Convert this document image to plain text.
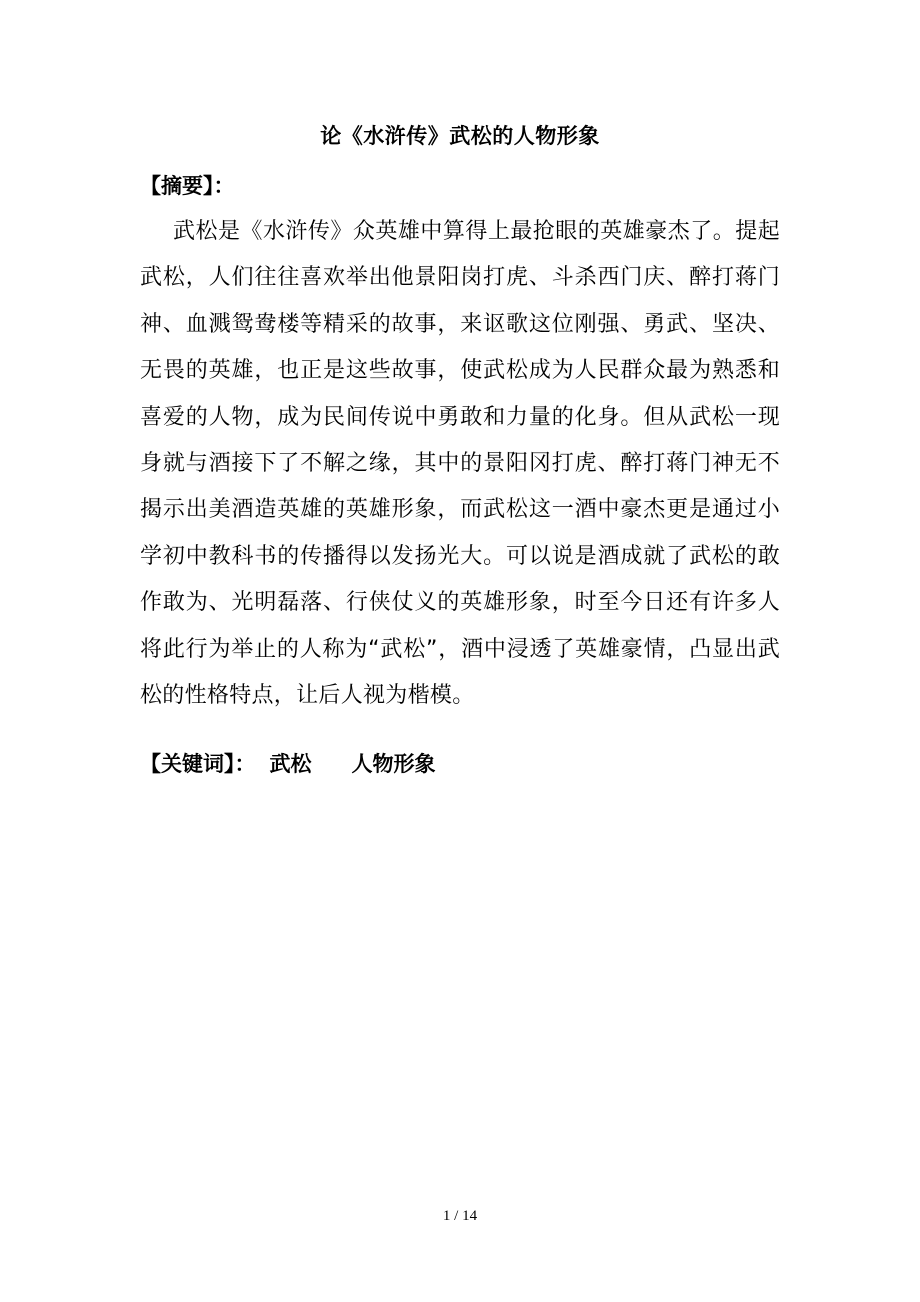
论《水浒传》武松的人物形象
【摘要】：
武松是《水浒传》众英雄中算得上最抢眼的英雄豪杰了。提起武松，人们往往喜欢举出他景阳岗打虎、斗杀西门庆、醉打蒋门神、血溅鸳鸯楼等精采的故事，来讴歌这位刚强、勇武、坚决、无畏的英雄，也正是这些故事，使武松成为人民群众最为熟悉和喜爱的人物，成为民间传说中勇敢和力量的化身。但从武松一现身就与酒接下了不解之缘，其中的景阳冈打虎、醉打蒋门神无不揭示出美酒造英雄的英雄形象，而武松这一酒中豪杰更是通过小学初中教科书的传播得以发扬光大。可以说是酒成就了武松的敢作敢为、光明磊落、行侠仗义的英雄形象，时至今日还有许多人将此行为举止的人称为“武松”，酒中浸透了英雄豪情，凸显出武松的性格特点，让后人视为楷模。
【关键词】： 武松 人物形象
1 / 14
